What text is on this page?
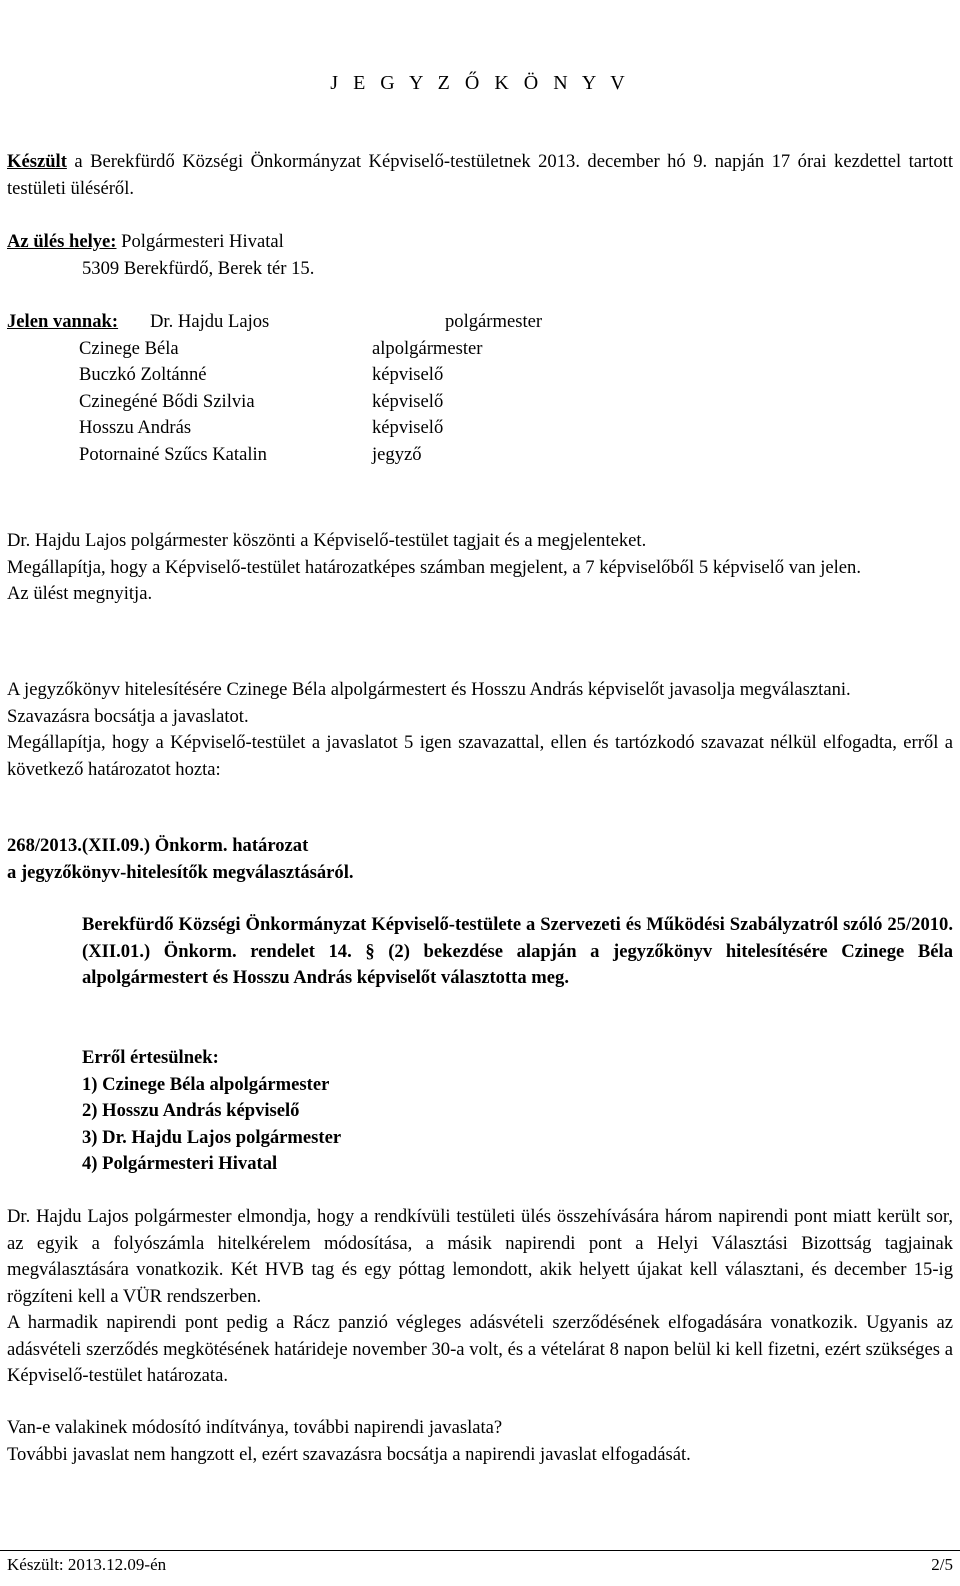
J E G Y Z Ő K Ö N Y V
Készült a Berekfürdő Községi Önkormányzat Képviselő-testületnek 2013. december hó 9. napján 17 órai kezdettel tartott testületi üléséről.
Az ülés helye: Polgármesteri Hivatal
5309 Berekfürdő, Berek tér 15.
Jelen vannak: Dr. Hajdu Lajos	polgármester
Czinege Béla	alpolgármester
Buczkó Zoltánné	képviselő
Czinegéné Bődi Szilvia	képviselő
Hosszu András	képviselő
Potornainé Szűcs Katalin	jegyző
Dr. Hajdu Lajos polgármester köszönti a Képviselő-testület tagjait és a megjelenteket.
Megállapítja, hogy a Képviselő-testület határozatképes számban megjelent, a 7 képviselőből 5 képviselő van jelen.
Az ülést megnyitja.
A jegyzőkönyv hitelesítésére Czinege Béla alpolgármestert és Hosszu András képviselőt javasolja megválasztani.
Szavazásra bocsátja a javaslatot.
Megállapítja, hogy a Képviselő-testület a javaslatot 5 igen szavazattal, ellen és tartózkodó szavazat nélkül elfogadta, erről a következő határozatot hozta:
268/2013.(XII.09.) Önkorm. határozat
a jegyzőkönyv-hitelesítők megválasztásáról.
Berekfürdő Községi Önkormányzat Képviselő-testülete a Szervezeti és Működési Szabályzatról szóló 25/2010.(XII.01.) Önkorm. rendelet 14. § (2) bekezdése alapján a jegyzőkönyv hitelesítésére Czinege Béla alpolgármestert és Hosszu András képviselőt választotta meg.
Erről értesülnek:
1) Czinege Béla alpolgármester
2) Hosszu András képviselő
3) Dr. Hajdu Lajos polgármester
4) Polgármesteri Hivatal
Dr. Hajdu Lajos polgármester elmondja, hogy a rendkívüli testületi ülés összehívására három napirendi pont miatt került sor, az egyik a folyószámla hitelkérelem módosítása, a másik napirendi pont a Helyi Választási Bizottság tagjainak megválasztására vonatkozik. Két HVB tag és egy póttag lemondott, akik helyett újakat kell választani, és december 15-ig rögzíteni kell a VÜR rendszerben.
A harmadik napirendi pont pedig a Rácz panzió végleges adásvételi szerződésének elfogadására vonatkozik. Ugyanis az adásvételi szerződés megkötésének határideje november 30-a volt, és a vételárat 8 napon belül ki kell fizetni, ezért szükséges a Képviselő-testület határozata.
Van-e valakinek módosító indítványa, további napirendi javaslata?
További javaslat nem hangzott el, ezért szavazásra bocsátja a napirendi javaslat elfogadását.
Készült: 2013.12.09-én	2/5
